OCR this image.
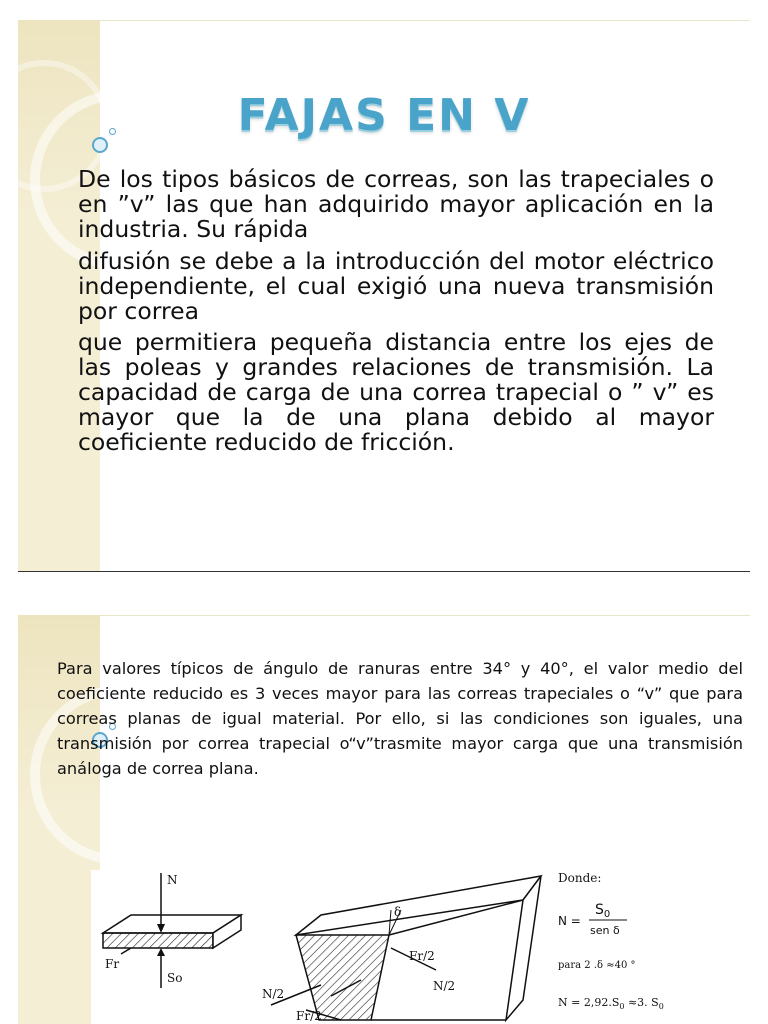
FAJAS EN V

De los tipos básicos de correas, son las trapeciales o en ”v” las que han adquirido mayor aplicación en la industria. Su rápida

difusión se debe a la introducción del motor eléctrico independiente, el cual exigió una nueva transmisión por correa

que permitiera pequeña distancia entre los ejes de las poleas y grandes relaciones de transmisión. La capacidad de carga de una correa trapecial o ” v” es mayor que la de una plana debido al mayor coeficiente reducido de fricción.

Para valores típicos de ángulo de ranuras entre 34° y 40°, el valor medio del coeficiente reducido es 3 veces mayor para las correas trapeciales o “v” que para correas planas de igual material. Por ello, si las condiciones son iguales, una transmisión por correa trapecial o“v”trasmite mayor carga que una transmisión análoga de correa plana.
N
Fr
So
δ
Fr/2
N/2
N/2
Fr/2
Donde:
N =
$S_0$
sen δ
para 2 .δ ≈40 °
$N = 2,92.S_0 \approx 3$. $S_0$
